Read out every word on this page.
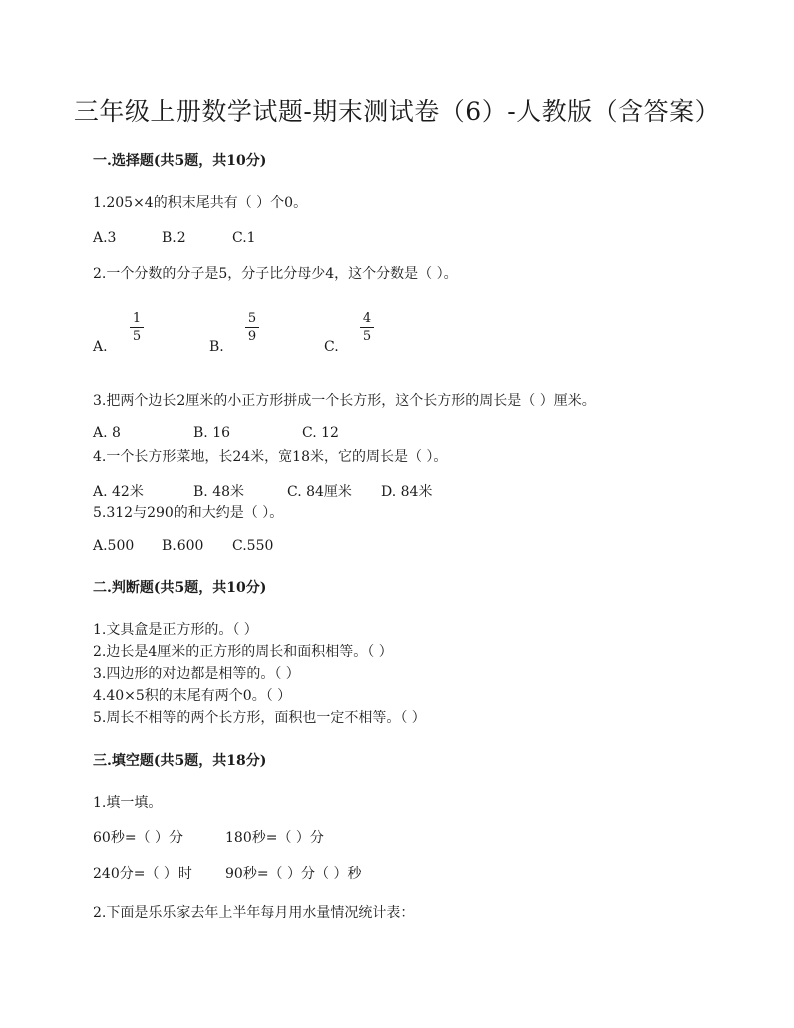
三年级上册数学试题-期末测试卷（6）-人教版（含答案）
一.选择题(共5题，共10分)
1.205×4的积末尾共有（ ）个0。
A.3	B.2	C.1
2.一个分数的分子是5，分子比分母少4，这个分数是（ ）。
A.
$\frac{1}{5}$
B.
$\frac{5}{9}$
C.
$\frac{4}{5}$
3.把两个边长2厘米的小正方形拼成一个长方形，这个长方形的周长是（ ）厘米。
A. 8	B. 16	C. 12
4.一个长方形菜地，长24米，宽18米，它的周长是（ ）。
A. 42米	B. 48米	C. 84厘米 D. 84米
5.312与290的和大约是（ ）。
A.500 B.600 C.550
二.判断题(共5题，共10分)
1.文具盒是正方形的。（ ）
2.边长是4厘米的正方形的周长和面积相等。（ ）
3.四边形的对边都是相等的。（ ）
4.40×5积的末尾有两个0。（ ）
5.周长不相等的两个长方形，面积也一定不相等。（ ）
三.填空题(共5题，共18分)
1.填一填。
60秒=（ ）分	180秒=（ ）分
240分=（ ）时 90秒=（ ）分（ ）秒
2.下面是乐乐家去年上半年每月用水量情况统计表：
